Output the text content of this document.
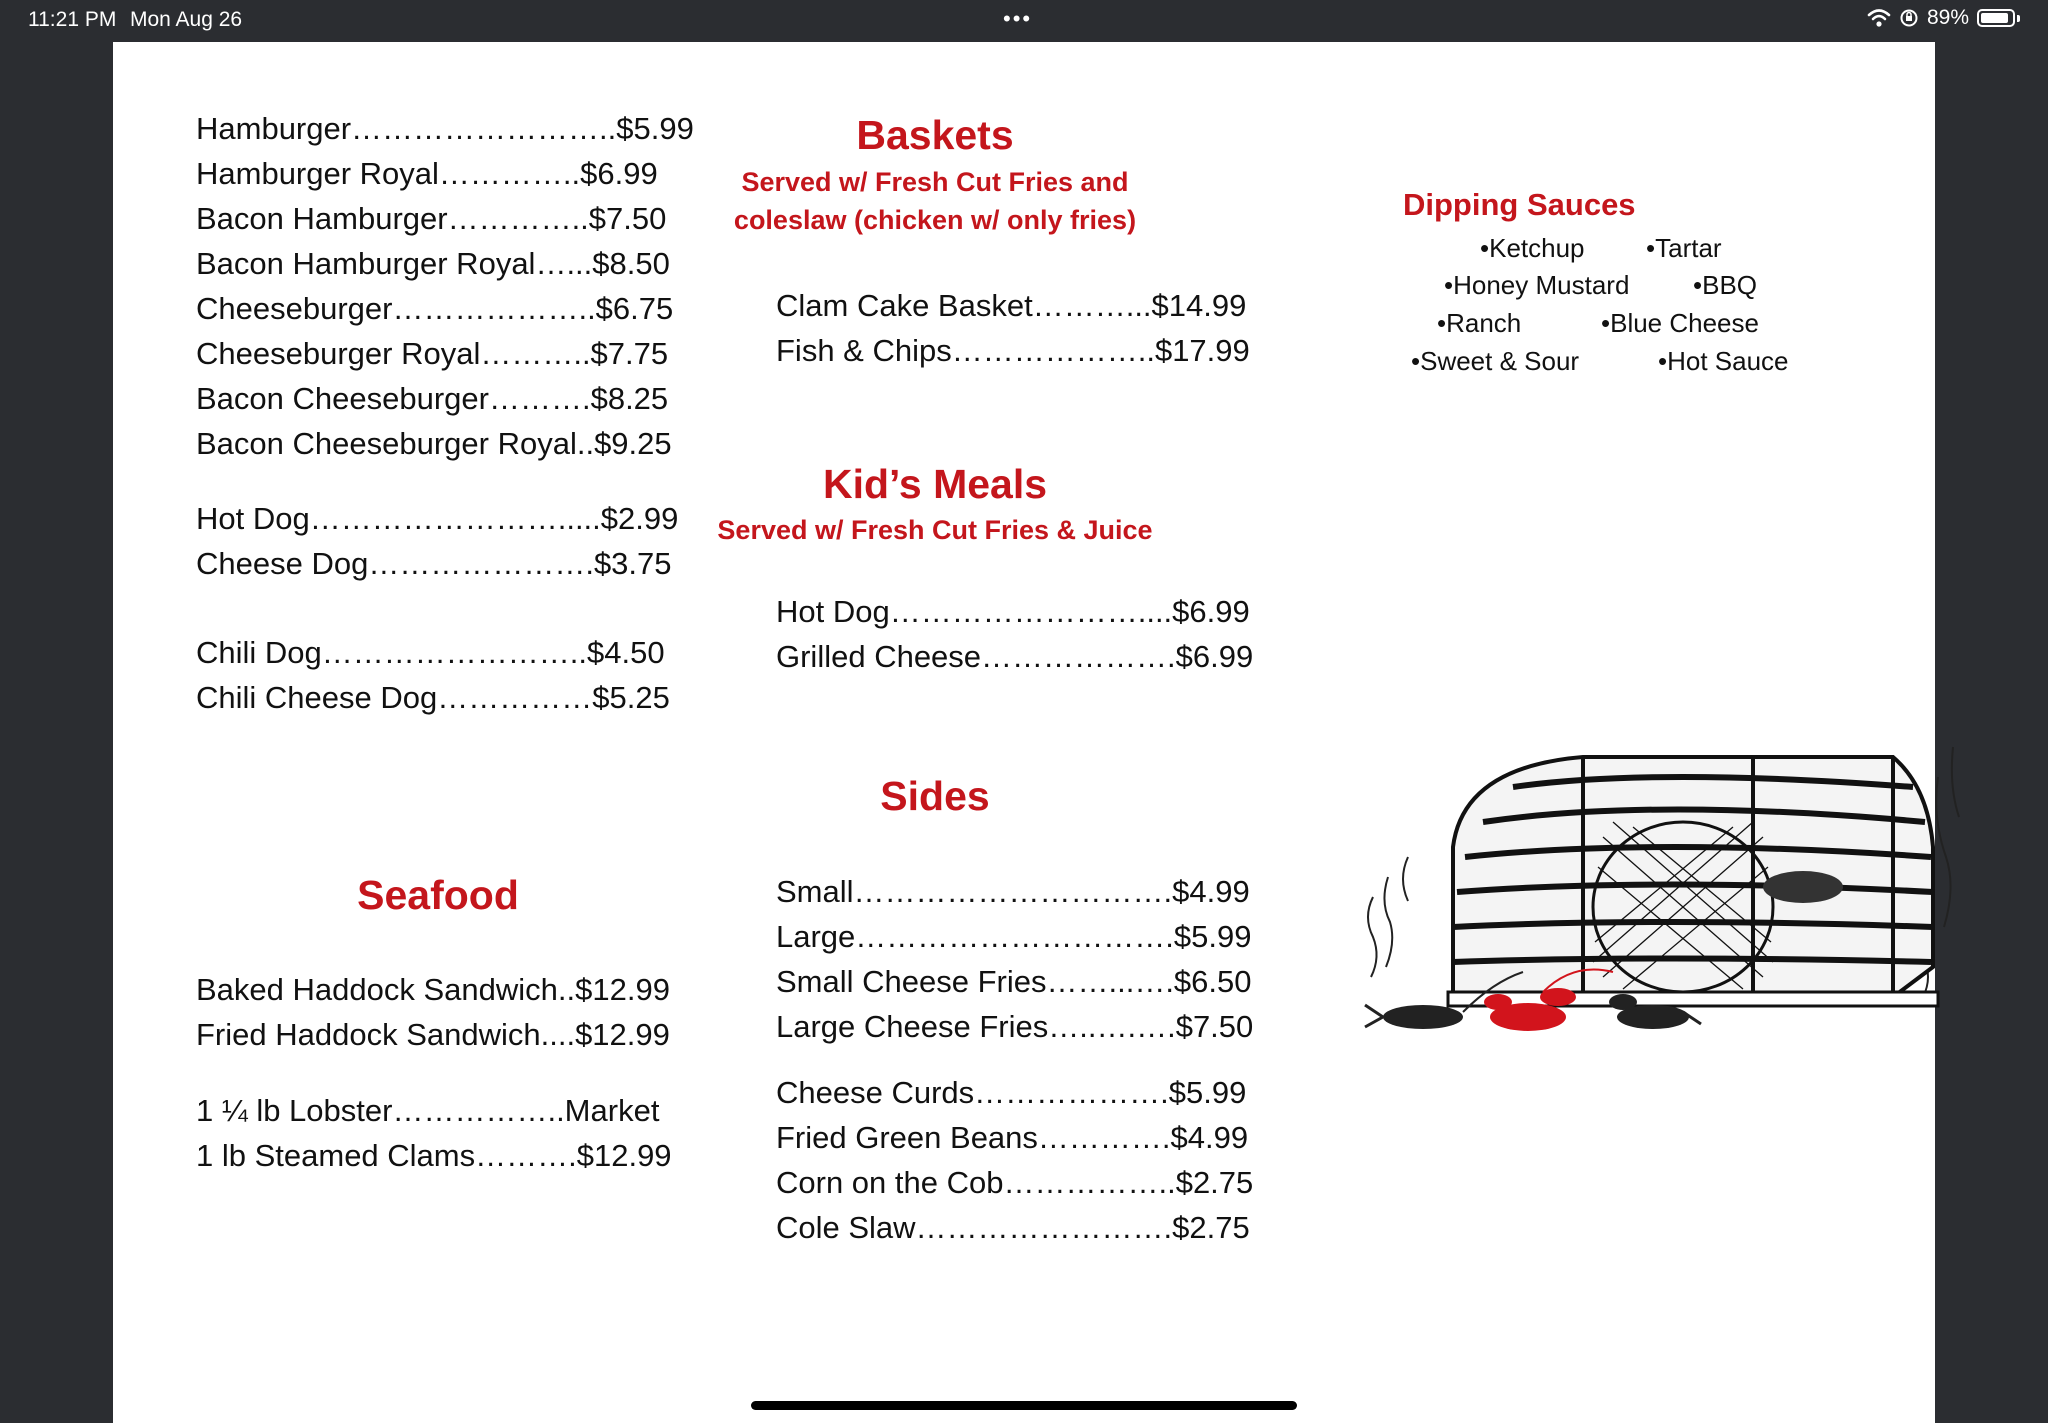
11:21 PM Mon Aug 26	•••	89%
Hamburger……………………..$5.99
Hamburger Royal…………..$6.99
Bacon Hamburger…………..$7.50
Bacon Hamburger Royal…...$8.50
Cheeseburger………………..$6.75
Cheeseburger Royal………..$7.75
Bacon Cheeseburger……….$8.25
Bacon Cheeseburger Royal..$9.25
Hot Dog…………………….....$2.99
Cheese Dog………………….$3.75
Chili Dog……………………..$4.50
Chili Cheese Dog……………$5.25
Seafood
Baked Haddock Sandwich..$12.99
Fried Haddock Sandwich....$12.99
1 ¼ lb Lobster……………..Market
1 lb Steamed Clams……….$12.99
Baskets
Served w/ Fresh Cut Fries and
coleslaw (chicken w/ only fries)
Clam Cake Basket………...$14.99
Fish & Chips………………..$17.99
Kid’s Meals
Served w/ Fresh Cut Fries & Juice
Hot Dog……………………....$6.99
Grilled Cheese……………….$6.99
Sides
Small………………………….$4.99
Large………………………….$5.99
Small Cheese Fries……...….$6.50
Large Cheese Fries…..….….$7.50
Cheese Curds……………….$5.99
Fried Green Beans………….$4.99
Corn on the Cob……………..$2.75
Cole Slaw…………………….$2.75
Dipping Sauces
•Ketchup •Tartar
•Honey Mustard •BBQ
•Ranch	•Blue Cheese
•Sweet & Sour	•Hot Sauce
